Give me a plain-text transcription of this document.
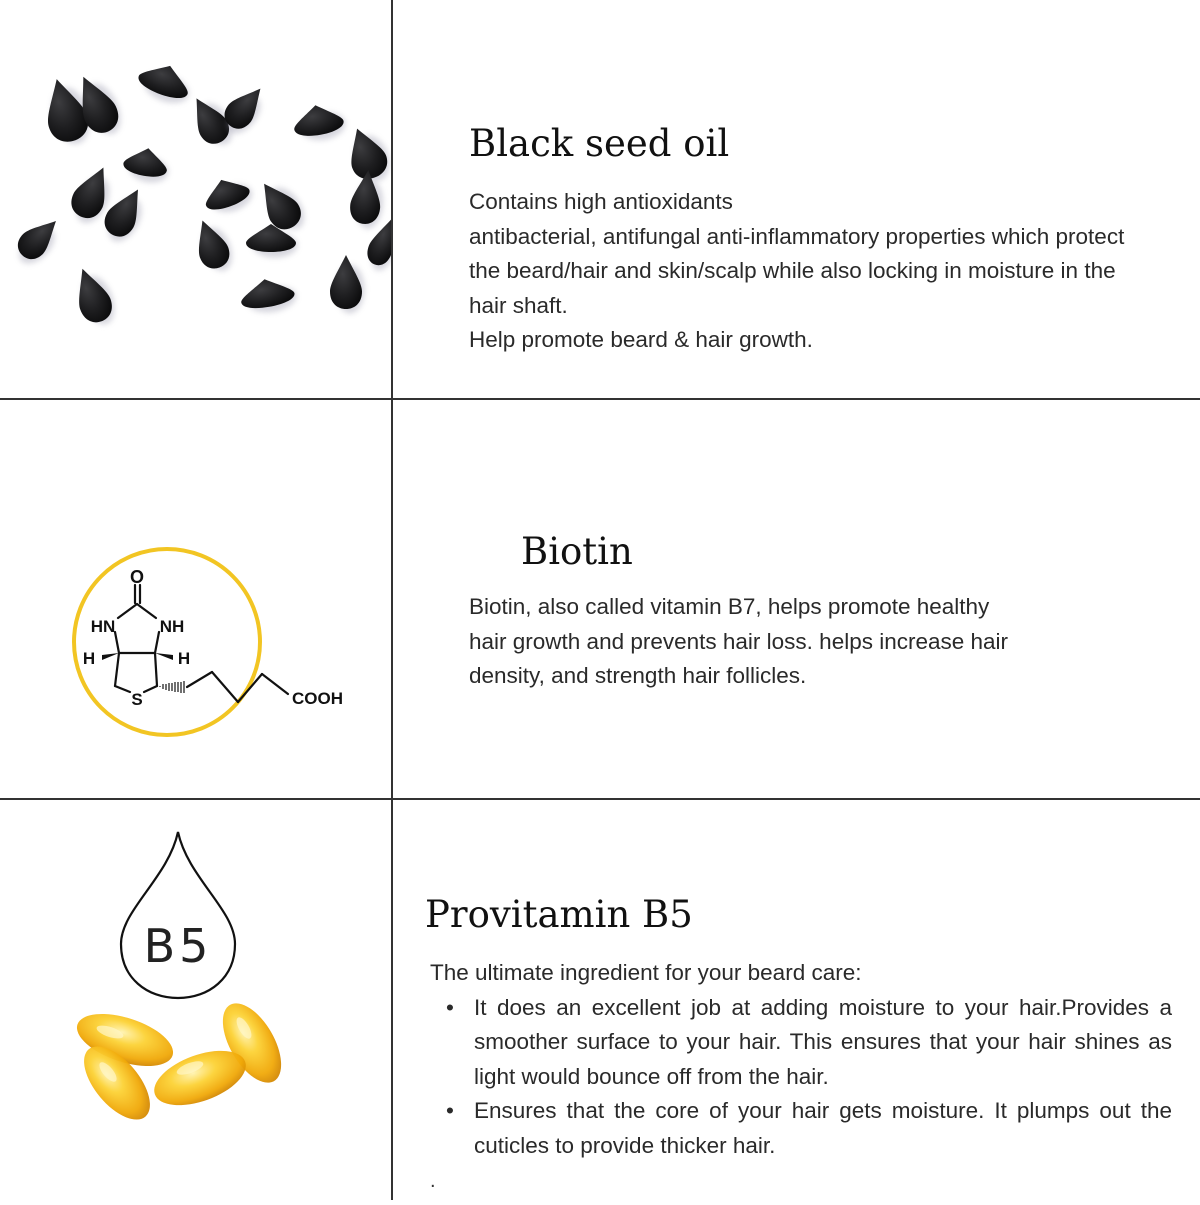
Black seed oil
Contains high antioxidants
antibacterial, antifungal anti-inflammatory properties which protect
the beard/hair and skin/scalp while also locking in moisture in the
hair shaft.
Help promote beard & hair growth.
O
HN	NH
H	H
S	COOH
Biotin
Biotin, also called vitamin B7, helps promote healthy
hair growth and prevents hair loss. helps increase hair
density, and strength hair follicles.
B5
Provitamin B5
The ultimate ingredient for your beard care:
• It does an excellent job at adding moisture to your hair.Provides a smoother surface to your hair. This ensures that your hair shines as light would bounce off from the hair.
• Ensures that the core of your hair gets moisture. It plumps out the cuticles to provide thicker hair.
.
